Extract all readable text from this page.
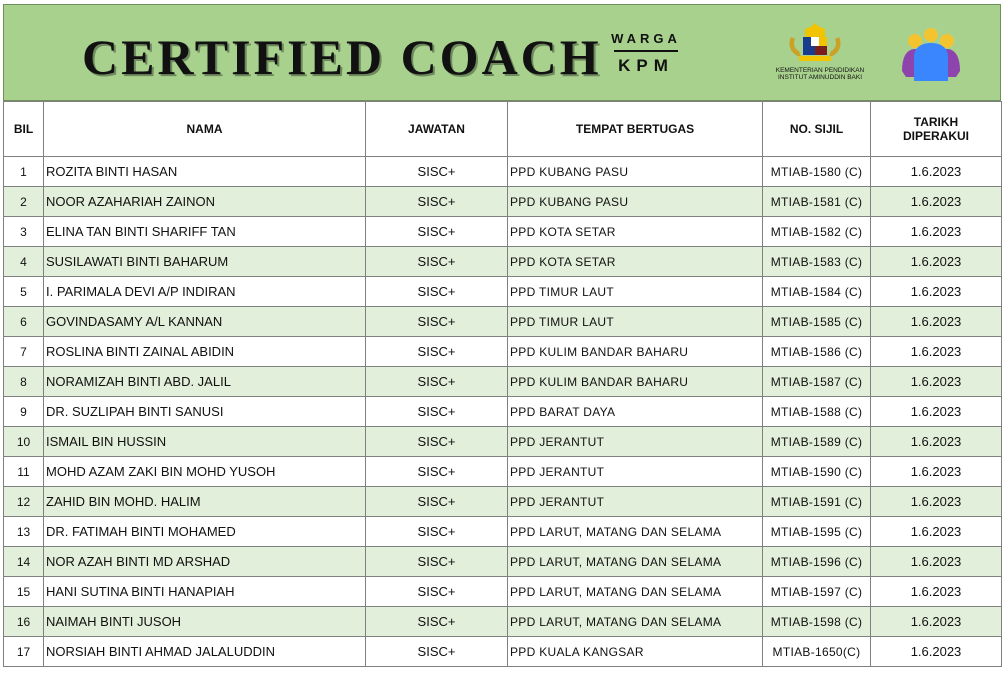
CERTIFIED COACH WARGA
KPM	KEMENTERIAN PENDIDIKAN
INSTITUT AMINUDDIN BAKI
BIL	NAMA	JAWATAN	TEMPAT BERTUGAS	NO. SIJIL	TARIKH
DIPERAKUI

1	ROZITA BINTI HASAN	SISC+	PPD KUBANG PASU	MTIAB-1580 (C)	1.6.2023
2	NOOR AZAHARIAH ZAINON	SISC+	PPD KUBANG PASU	MTIAB-1581 (C)	1.6.2023
3	ELINA TAN BINTI SHARIFF TAN	SISC+	PPD KOTA SETAR	MTIAB-1582 (C)	1.6.2023
4	SUSILAWATI BINTI BAHARUM	SISC+	PPD KOTA SETAR	MTIAB-1583 (C)	1.6.2023
5	I. PARIMALA DEVI A/P INDIRAN	SISC+	PPD TIMUR LAUT	MTIAB-1584 (C)	1.6.2023
6	GOVINDASAMY A/L KANNAN	SISC+	PPD TIMUR LAUT	MTIAB-1585 (C)	1.6.2023
7	ROSLINA BINTI ZAINAL ABIDIN	SISC+	PPD KULIM BANDAR BAHARU	MTIAB-1586 (C)	1.6.2023
8	NORAMIZAH BINTI ABD. JALIL	SISC+	PPD KULIM BANDAR BAHARU	MTIAB-1587 (C)	1.6.2023
9	DR. SUZLIPAH BINTI SANUSI	SISC+	PPD BARAT DAYA	MTIAB-1588 (C)	1.6.2023
10	ISMAIL BIN HUSSIN	SISC+	PPD JERANTUT	MTIAB-1589 (C)	1.6.2023
11	MOHD AZAM ZAKI BIN MOHD YUSOH	SISC+	PPD JERANTUT	MTIAB-1590 (C)	1.6.2023
12	ZAHID BIN MOHD. HALIM	SISC+	PPD JERANTUT	MTIAB-1591 (C)	1.6.2023
13	DR. FATIMAH BINTI MOHAMED	SISC+	PPD LARUT, MATANG DAN SELAMA	MTIAB-1595 (C)	1.6.2023
14	NOR AZAH BINTI MD ARSHAD	SISC+	PPD LARUT, MATANG DAN SELAMA	MTIAB-1596 (C)	1.6.2023
15	HANI SUTINA BINTI HANAPIAH	SISC+	PPD LARUT, MATANG DAN SELAMA	MTIAB-1597 (C)	1.6.2023
16	NAIMAH BINTI JUSOH	SISC+	PPD LARUT, MATANG DAN SELAMA	MTIAB-1598 (C)	1.6.2023
17	NORSIAH BINTI AHMAD JALALUDDIN	SISC+	PPD KUALA KANGSAR	MTIAB-1650(C)	1.6.2023
